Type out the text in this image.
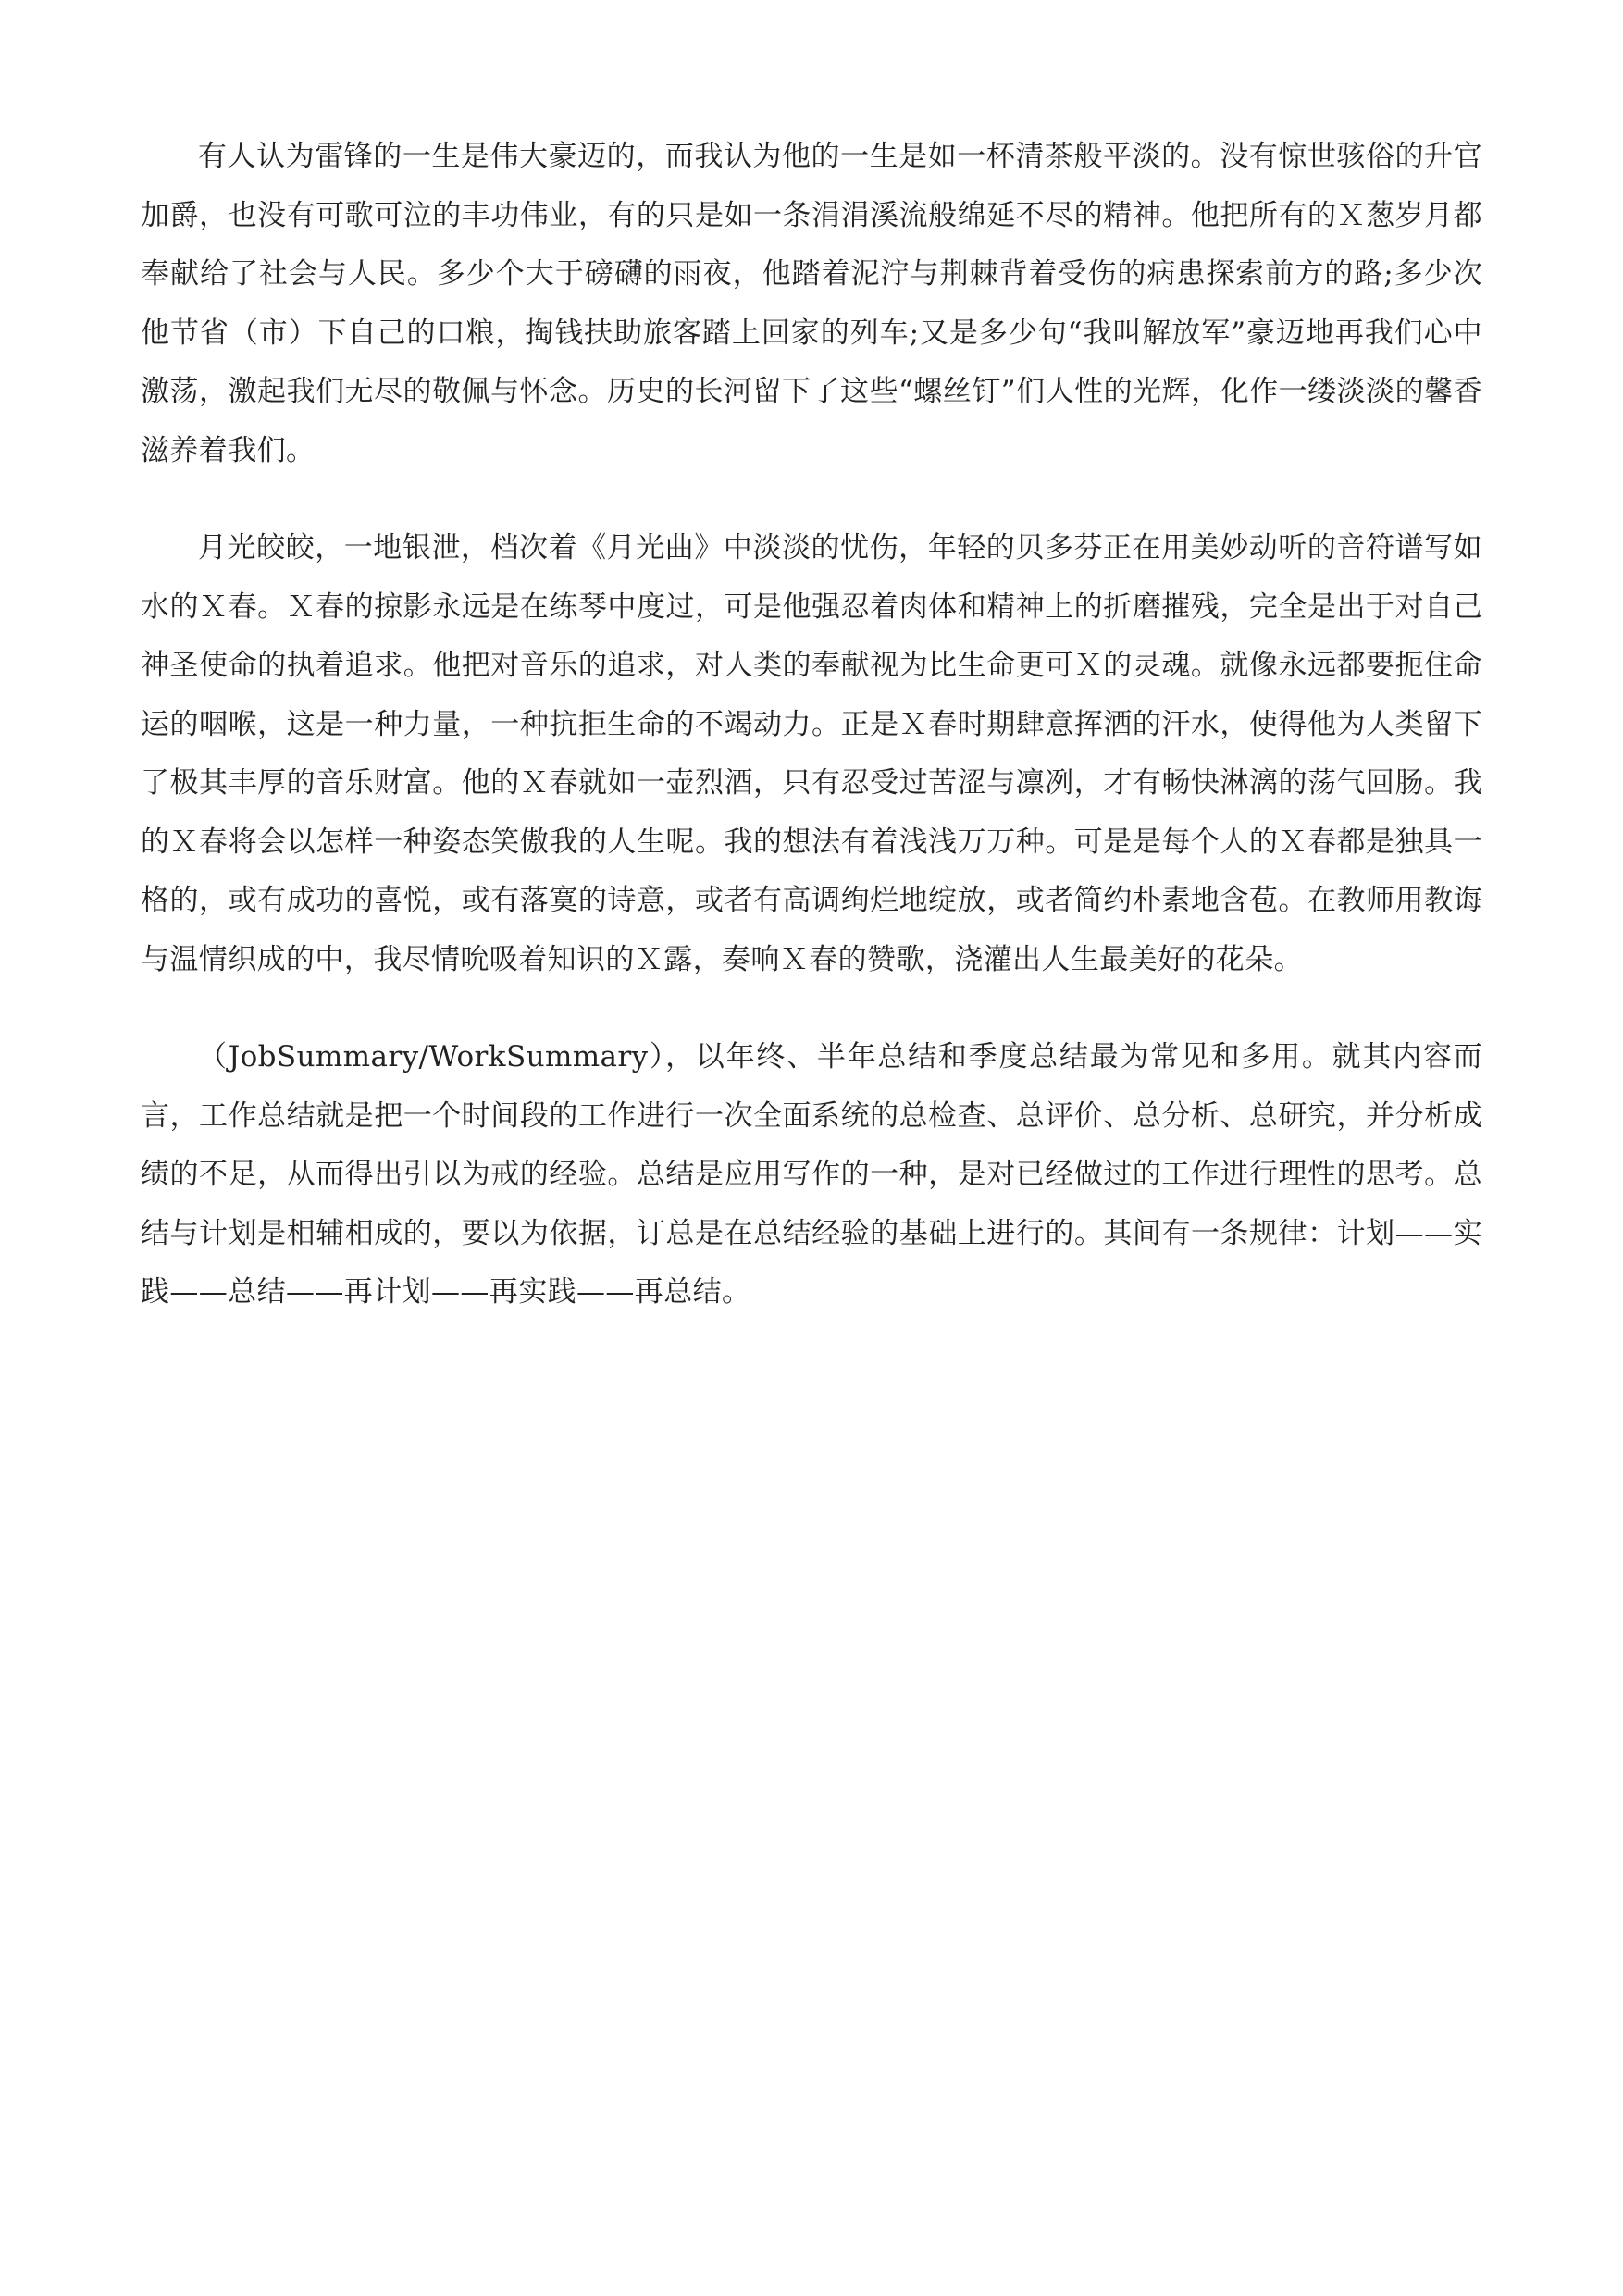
有人认为雷锋的一生是伟大豪迈的，而我认为他的一生是如一杯清茶般平淡的。没有惊世骇俗的升官加爵，也没有可歌可泣的丰功伟业，有的只是如一条涓涓溪流般绵延不尽的精神。他把所有的Ｘ葱岁月都奉献给了社会与人民。多少个大于磅礴的雨夜，他踏着泥泞与荆棘背着受伤的病患探索前方的路;多少次他节省（市）下自己的口粮，掏钱扶助旅客踏上回家的列车;又是多少句“我叫解放军”豪迈地再我们心中激荡，激起我们无尽的敬佩与怀念。历史的长河留下了这些“螺丝钉”们人性的光辉，化作一缕淡淡的馨香滋养着我们。

月光皎皎，一地银泄，档次着《月光曲》中淡淡的忧伤，年轻的贝多芬正在用美妙动听的音符谱写如水的Ｘ春。Ｘ春的掠影永远是在练琴中度过，可是他强忍着肉体和精神上的折磨摧残，完全是出于对自己神圣使命的执着追求。他把对音乐的追求，对人类的奉献视为比生命更可Ｘ的灵魂。就像永远都要扼住命运的咽喉，这是一种力量，一种抗拒生命的不竭动力。正是Ｘ春时期肆意挥洒的汗水，使得他为人类留下了极其丰厚的音乐财富。他的Ｘ春就如一壶烈酒，只有忍受过苦涩与凛冽，才有畅快淋漓的荡气回肠。我的Ｘ春将会以怎样一种姿态笑傲我的人生呢。我的想法有着浅浅万万种。可是是每个人的Ｘ春都是独具一格的，或有成功的喜悦，或有落寞的诗意，或者有高调绚烂地绽放，或者简约朴素地含苞。在教师用教诲与温情织成的中，我尽情吮吸着知识的Ｘ露，奏响Ｘ春的赞歌，浇灌出人生最美好的花朵。

（JobSummary/WorkSummary），以年终、半年总结和季度总结最为常见和多用。就其内容而言，工作总结就是把一个时间段的工作进行一次全面系统的总检查、总评价、总分析、总研究，并分析成绩的不足，从而得出引以为戒的经验。总结是应用写作的一种，是对已经做过的工作进行理性的思考。总结与计划是相辅相成的，要以为依据，订总是在总结经验的基础上进行的。其间有一条规律：计划——实践——总结——再计划——再实践——再总结。
